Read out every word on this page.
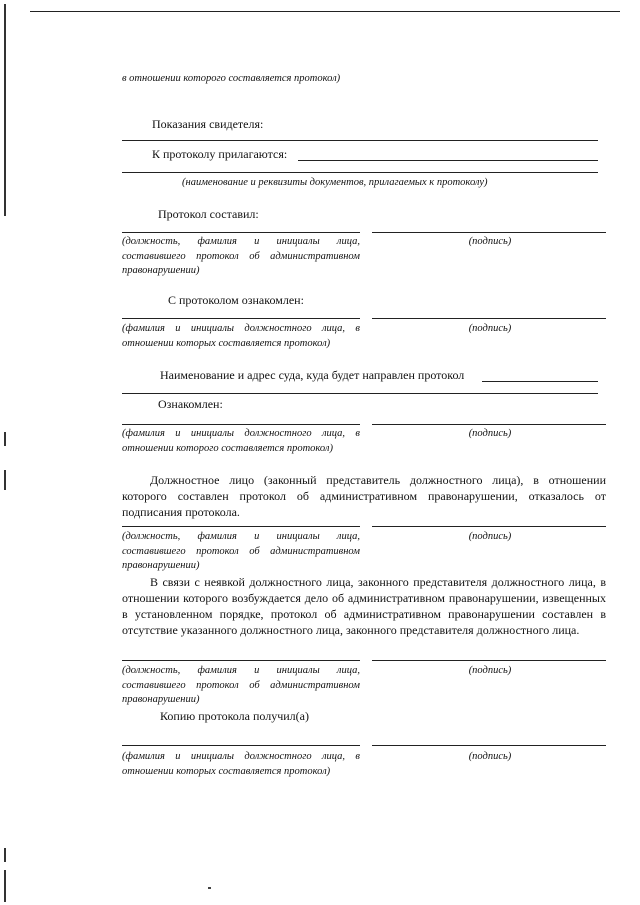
в отношении которого составляется протокол)
Показания свидетеля:
К протоколу прилагаются:
(наименование и реквизиты документов, прилагаемых к протоколу)
Протокол составил:
(должность, фамилия и инициалы лица, составившего протокол об административном правонарушении)
(подпись)
С протоколом ознакомлен:
(фамилия и инициалы должностного лица, в отношении которых составляется протокол)
(подпись)
Наименование и адрес суда, куда будет направлен протокол
Ознакомлен:
(фамилия и инициалы должностного лица, в отношении которого составляется протокол)
(подпись)
Должностное лицо (законный представитель должностного лица), в отношении которого составлен протокол об административном правонарушении, отказалось от подписания протокола.
(должность, фамилия и инициалы лица, составившего протокол об административном правонарушении)
(подпись)
В связи с неявкой должностного лица, законного представителя должностного лица, в отношении которого возбуждается дело об административном правонарушении, извещенных в установленном порядке, протокол об административном правонарушении составлен в отсутствие указанного должностного лица, законного представителя должностного лица.
(должность, фамилия и инициалы лица, составившего протокол об административном правонарушении)
(подпись)
Копию протокола получил(а)
(фамилия и инициалы должностного лица, в отношении которых составляется протокол)
(подпись)
